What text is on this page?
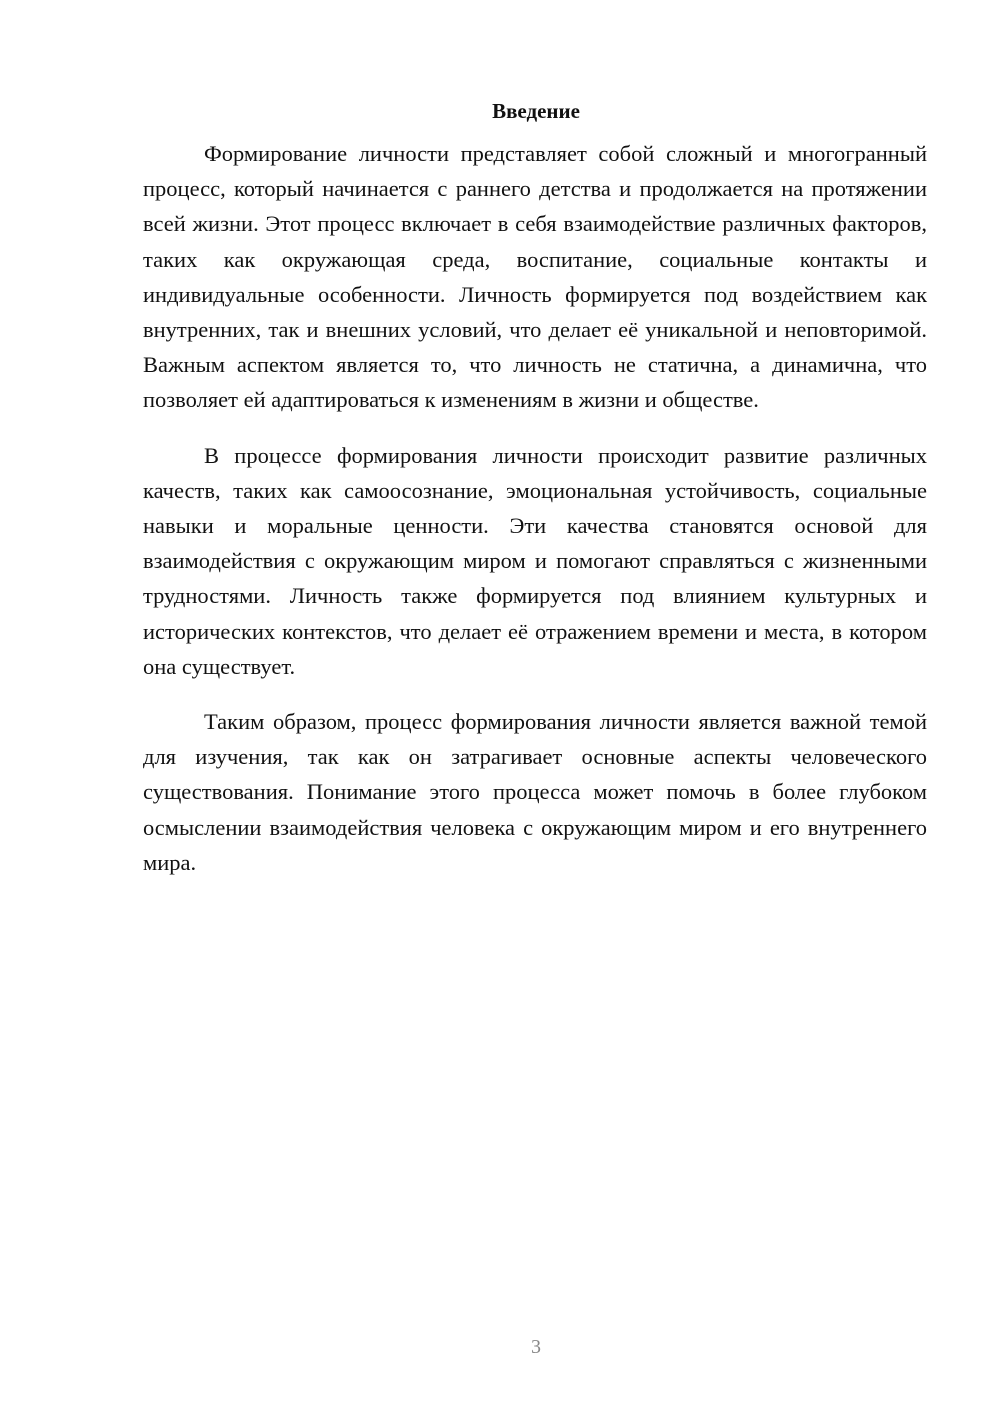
Введение

Формирование личности представляет собой сложный и многогранный процесс, который начинается с раннего детства и продолжается на протяжении всей жизни. Этот процесс включает в себя взаимодействие различных факторов, таких как окружающая среда, воспитание, социальные контакты и индивидуальные особенности. Личность формируется под воздействием как внутренних, так и внешних условий, что делает её уникальной и неповторимой. Важным аспектом является то, что личность не статична, а динамична, что позволяет ей адаптироваться к изменениям в жизни и обществе.

В процессе формирования личности происходит развитие различных качеств, таких как самоосознание, эмоциональная устойчивость, социальные навыки и моральные ценности. Эти качества становятся основой для взаимодействия с окружающим миром и помогают справляться с жизненными трудностями. Личность также формируется под влиянием культурных и исторических контекстов, что делает её отражением времени и места, в котором она существует.

Таким образом, процесс формирования личности является важной темой для изучения, так как он затрагивает основные аспекты человеческого существования. Понимание этого процесса может помочь в более глубоком осмыслении взаимодействия человека с окружающим миром и его внутреннего мира.

3
